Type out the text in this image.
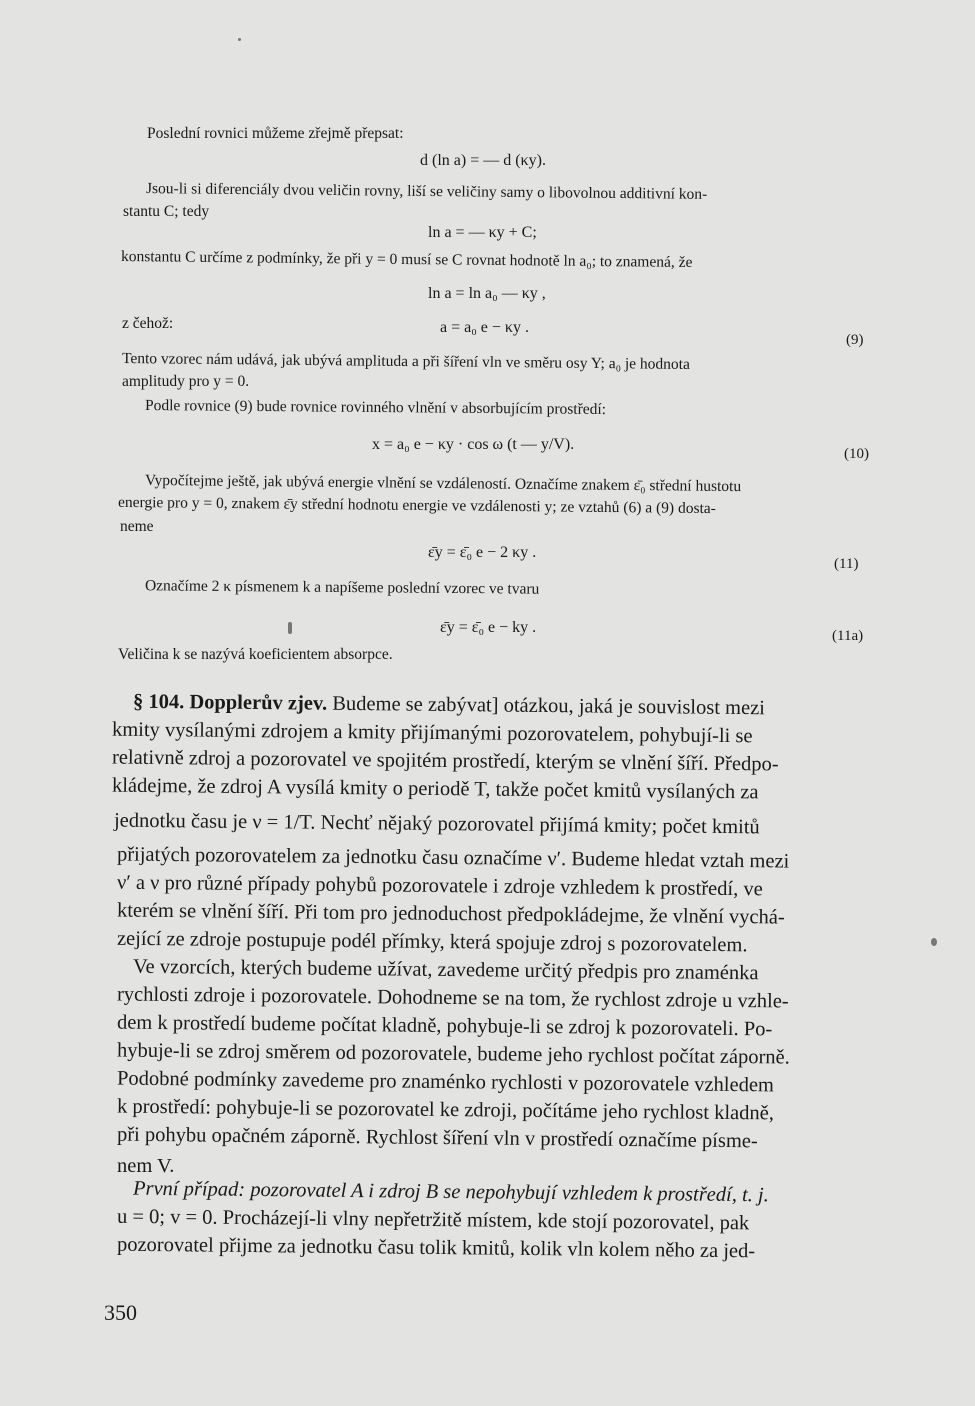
Poslední rovnici můžeme zřejmě přepsat:
d (ln a) = — d (κy).
Jsou-li si diferenciály dvou veličin rovny, liší se veličiny samy o libovolnou additivní kon-
stantu C; tedy
ln a = — κy + C;
konstantu C určíme z podmínky, že při y = 0 musí se C rovnat hodnotě ln a₀; to znamená, že
ln a = ln a₀ — κy ,
z čehož:	a = a₀ e − κy .
(9)
Tento vzorec nám udává, jak ubývá amplituda a při šíření vln ve směru osy Y; a₀ je hodnota
amplitudy pro y = 0.
Podle rovnice (9) bude rovnice rovinného vlnění v absorbujícím prostředí:
x = a₀ e − κy · cos ω (t — y/V).
(10)
Vypočítejme ještě, jak ubývá energie vlnění se vzdáleností. Označíme znakem ε̄₀ střední hustotu
energie pro y = 0, znakem ε̄y střední hodnotu energie ve vzdálenosti y; ze vztahů (6) a (9) dosta-
neme
ε̄y = ε̄₀ e − 2 κy .
(11)
Označíme 2 κ písmenem k a napíšeme poslední vzorec ve tvaru
ε̄y = ε̄₀ e − ky .	(11a)
Veličina k se nazývá koeficientem absorpce.
§ 104. Dopplerův zjev. Budeme se zabývat] otázkou, jaká je souvislost mezi
kmity vysílanými zdrojem a kmity přijímanými pozorovatelem, pohybují-li se
relativně zdroj a pozorovatel ve spojitém prostředí, kterým se vlnění šíří. Předpo-
kládejme, že zdroj A vysílá kmity o periodě T, takže počet kmitů vysílaných za
jednotku času je ν = 1/T. Nechť nějaký pozorovatel přijímá kmity; počet kmitů
přijatých pozorovatelem za jednotku času označíme ν′. Budeme hledat vztah mezi
ν′ a ν pro různé případy pohybů pozorovatele i zdroje vzhledem k prostředí, ve
kterém se vlnění šíří. Při tom pro jednoduchost předpokládejme, že vlnění vychá-
zející ze zdroje postupuje podél přímky, která spojuje zdroj s pozorovatelem.
Ve vzorcích, kterých budeme užívat, zavedeme určitý předpis pro znaménka
rychlosti zdroje i pozorovatele. Dohodneme se na tom, že rychlost zdroje u vzhle-
dem k prostředí budeme počítat kladně, pohybuje-li se zdroj k pozorovateli. Po-
hybuje-li se zdroj směrem od pozorovatele, budeme jeho rychlost počítat záporně.
Podobné podmínky zavedeme pro znaménko rychlosti v pozorovatele vzhledem
k prostředí: pohybuje-li se pozorovatel ke zdroji, počítáme jeho rychlost kladně,
při pohybu opačném záporně. Rychlost šíření vln v prostředí označíme písme-
nem V.
První případ: pozorovatel A i zdroj B se nepohybují vzhledem k prostředí, t. j.
u = 0; v = 0. Procházejí-li vlny nepřetržitě místem, kde stojí pozorovatel, pak
pozorovatel přijme za jednotku času tolik kmitů, kolik vln kolem něho za jed-
350
